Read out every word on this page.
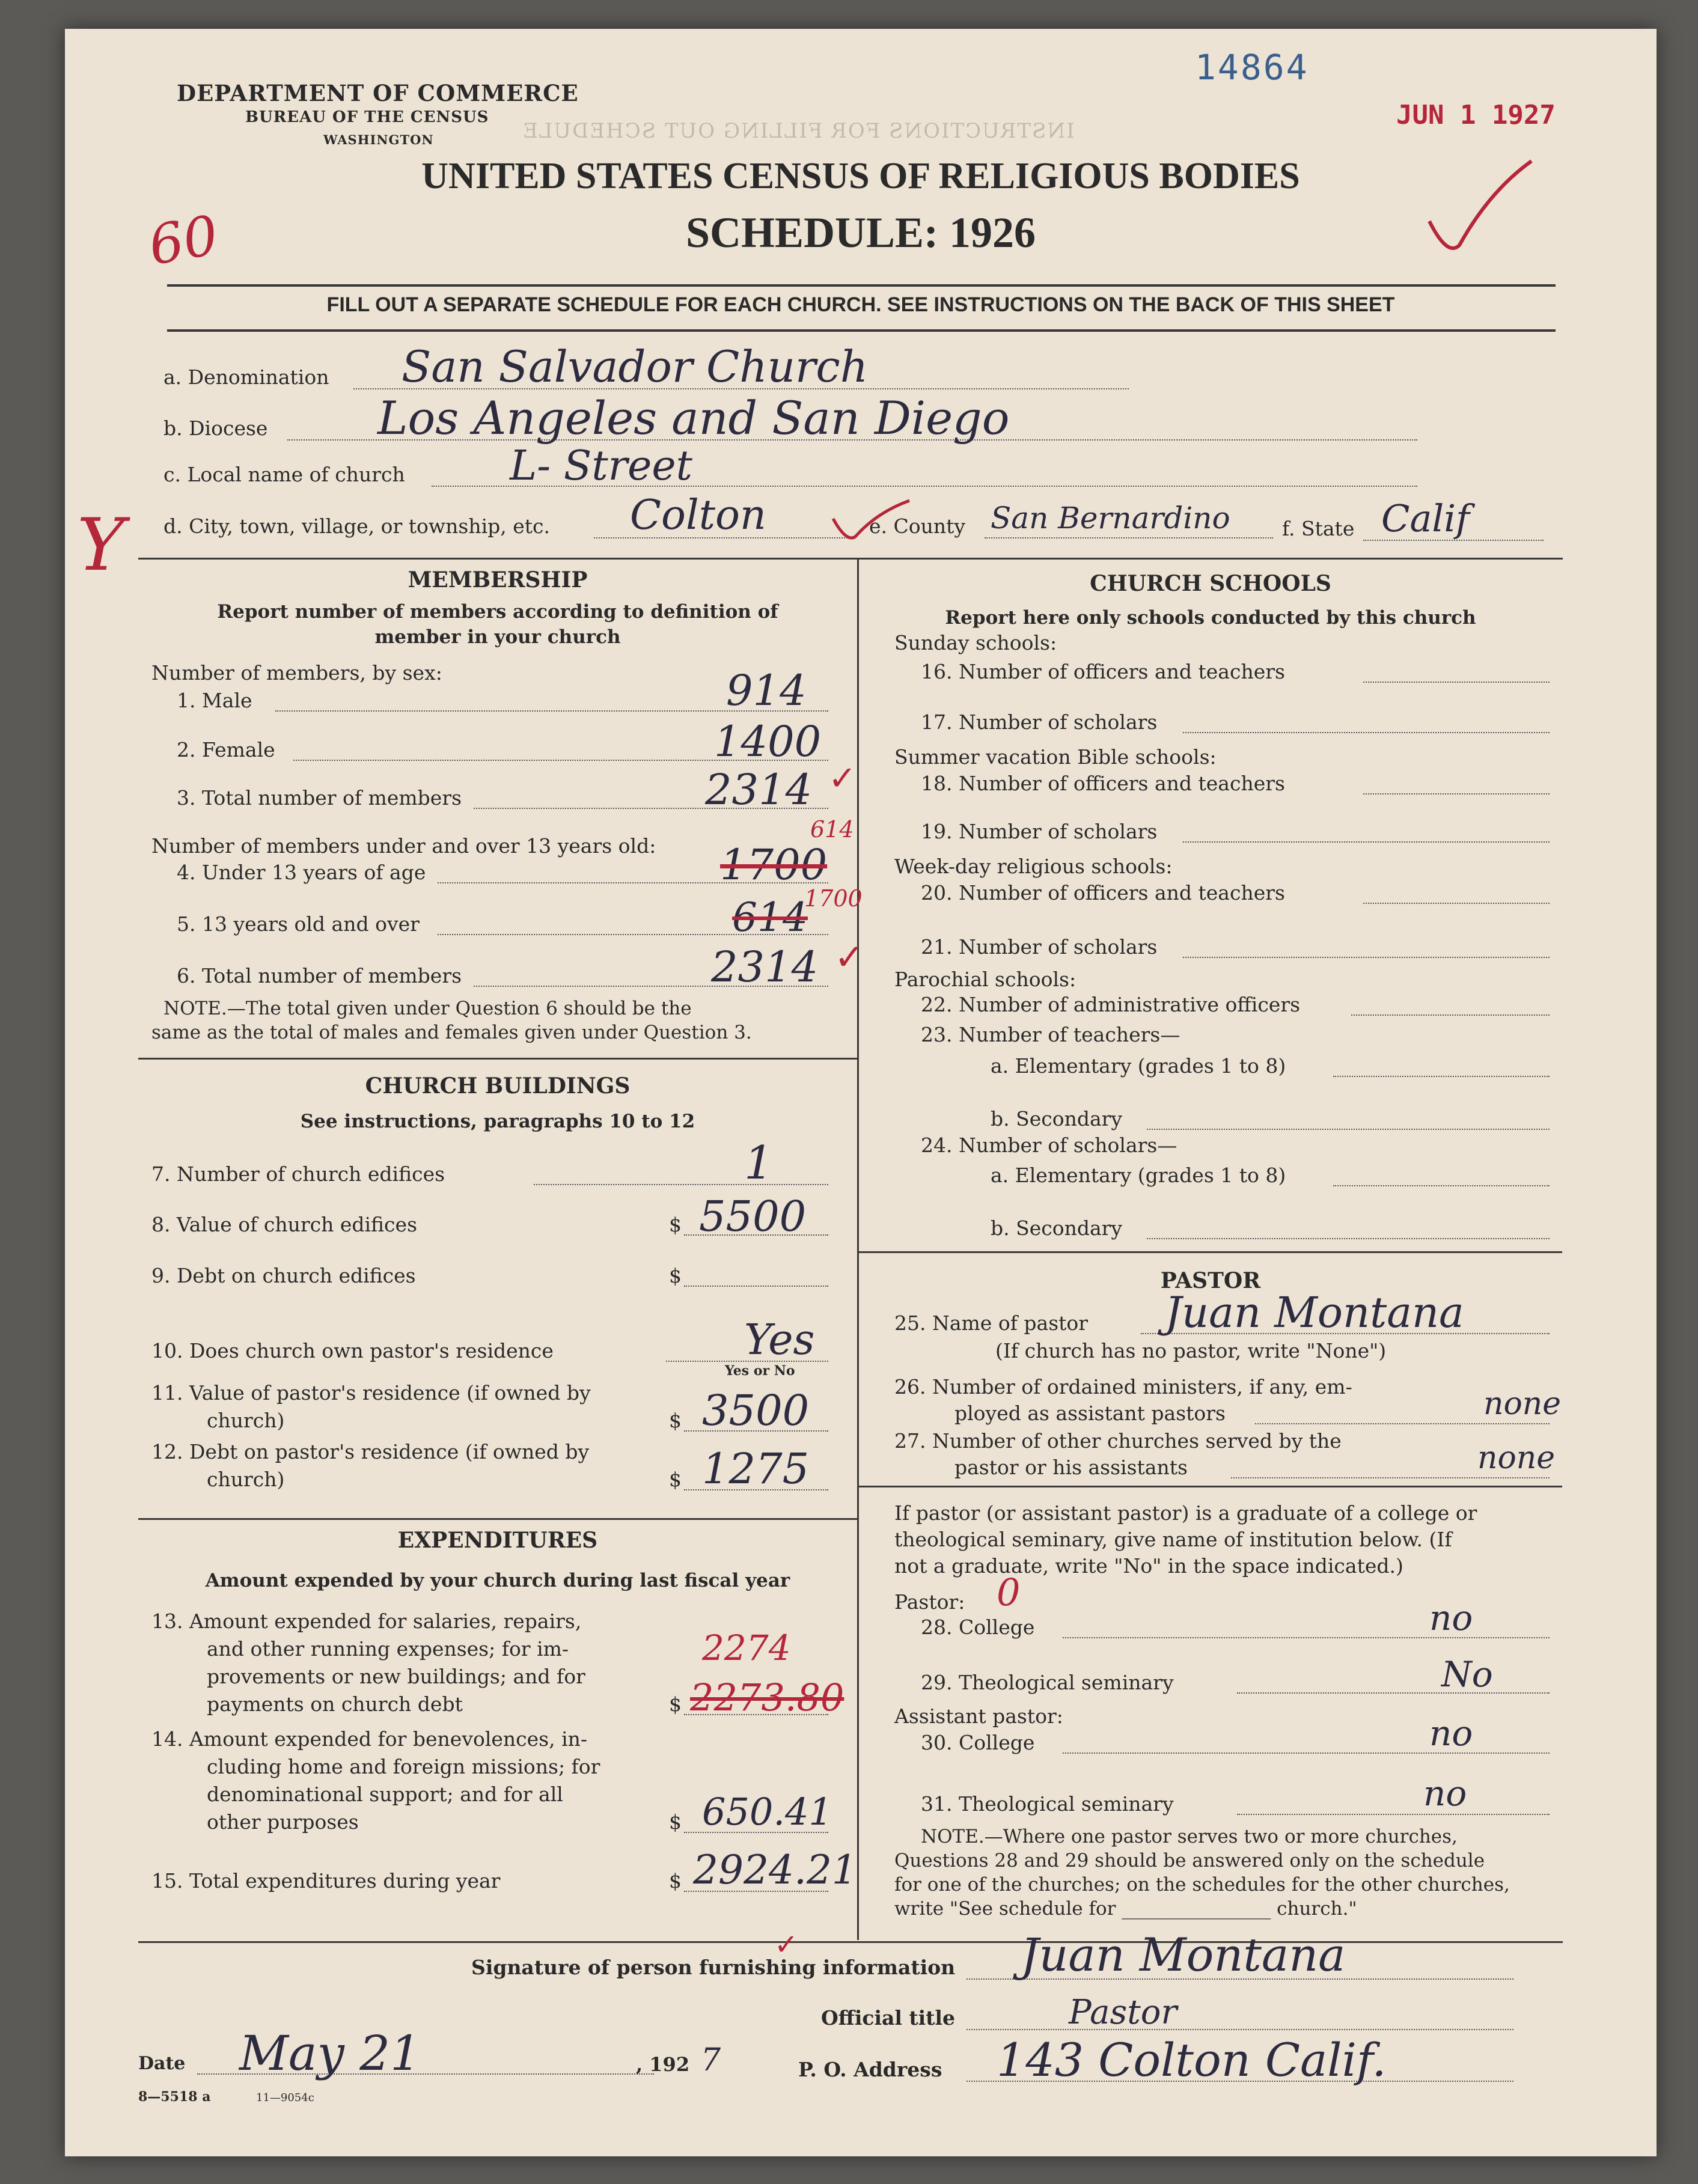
INSTRUCTIONS FOR FILLING OUT SCHEDULE
14864
JUN 1 1927
DEPARTMENT OF COMMERCE
BUREAU OF THE CENSUS
WASHINGTON
UNITED STATES CENSUS OF RELIGIOUS BODIES
SCHEDULE: 1926
60
FILL OUT A SEPARATE SCHEDULE FOR EACH CHURCH. SEE INSTRUCTIONS ON THE BACK OF THIS SHEET
a. Denomination San Salvador Church
b. Diocese Los Angeles and San Diego
c. Local name of church	L- Street
Y d. City, town, village, or township, etc. Colton	e. County San Bernardino	f. State Calif
MEMBERSHIP
Report number of members according to definition of
member in your church
Number of members, by sex:
1. Male	914
2. Female	1400
3. Total number of members	2314 ✓
Number of members under and over 13 years old:
614
4. Under 13 years of age	1700
1700
5. 13 years old and over	614
6. Total number of members	2314 ✓
NOTE.—The total given under Question 6 should be the
same as the total of males and females given under Question 3.
CHURCH BUILDINGS
See instructions, paragraphs 10 to 12
7. Number of church edifices	1
8. Value of church edifices	$ 5500
9. Debt on church edifices	$
10. Does church own pastor's residence	Yes
Yes or No
11. Value of pastor's residence (if owned by
church)	$ 3500
12. Debt on pastor's residence (if owned by
church)	$ 1275
EXPENDITURES
Amount expended by your church during last fiscal year
13. Amount expended for salaries, repairs,
and other running expenses; for im-
provements or new buildings; and for
payments on church debt	$
2274
2273.80
14. Amount expended for benevolences, in-
cluding home and foreign missions; for
denominational support; and for all
other purposes	$ 650.41
15. Total expenditures during year	$ 2924.21
CHURCH SCHOOLS
Report here only schools conducted by this church
Sunday schools:
16. Number of officers and teachers
17. Number of scholars
Summer vacation Bible schools:
18. Number of officers and teachers
19. Number of scholars
Week-day religious schools:
20. Number of officers and teachers
21. Number of scholars
Parochial schools:
22. Number of administrative officers
23. Number of teachers—
a. Elementary (grades 1 to 8)
b. Secondary
24. Number of scholars—
a. Elementary (grades 1 to 8)
b. Secondary
PASTOR
25. Name of pastor Juan Montana
(If church has no pastor, write "None")
26. Number of ordained ministers, if any, em-
ployed as assistant pastors	none
27. Number of other churches served by the
pastor or his assistants	none
If pastor (or assistant pastor) is a graduate of a college or
theological seminary, give name of institution below. (If
not a graduate, write "No" in the space indicated.)
Pastor: 0
28. College	no
29. Theological seminary	No
Assistant pastor:
30. College	no
31. Theological seminary	no
NOTE.—Where one pastor serves two or more churches,
Questions 28 and 29 should be answered only on the schedule
for one of the churches; on the schedules for the other churches,
write "See schedule for ________________ church."
✓
Signature of person furnishing information Juan Montana
Official title	Pastor
Date May 21	, 192 7	P. O. Address 143 Colton Calif.
8—5518 a	11—9054c
